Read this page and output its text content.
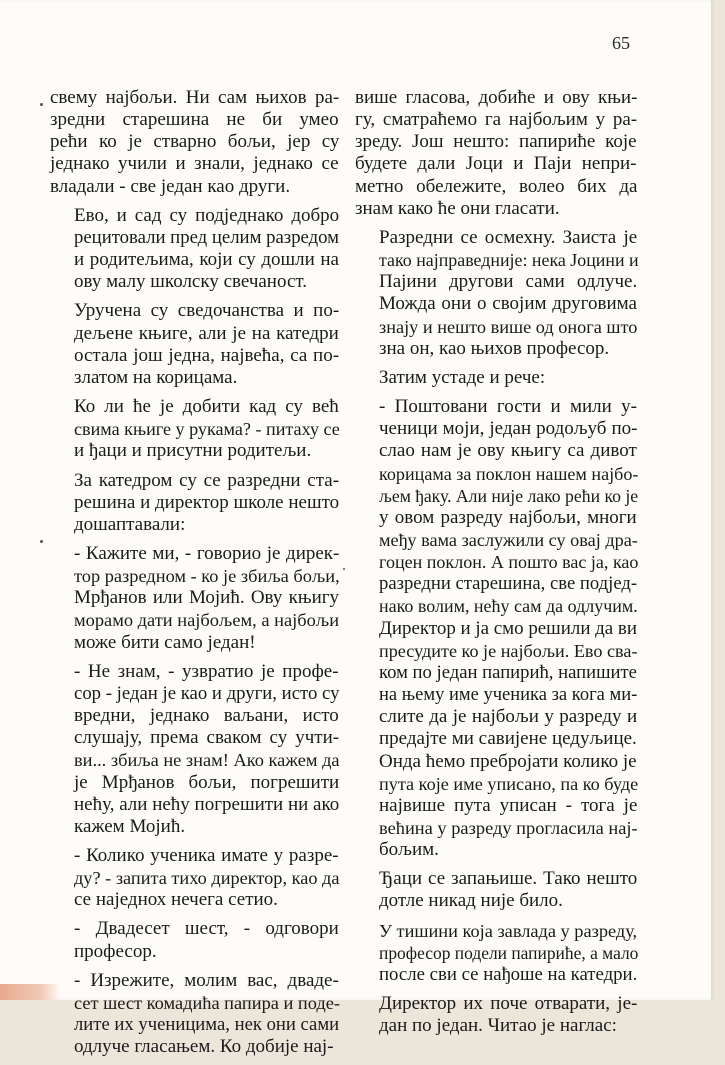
65
свему најбољи. Ни сам њихов ра-
зредни старешина не би умео
рећи ко је стварно бољи, јер су
једнако учили и знали, једнако се
владали - све један као други.
Ево, и сад су подједнако добро
рецитовали пред целим разредом
и родитељима, који су дошли на
ову малу школску свечаност.
Уручена су сведочанства и по-
дељене књиге, али је на катедри
остала још једна, највећа, са по-
златом на корицама.
Ко ли ће је добити кад су већ
свима књиге у рукама? - питаху се
и ђаци и присутни родитељи.
За катедром су се разредни ста-
решина и директор школе нешто
дошаптавали:
- Кажите ми, - говорио је дирек-
тор разредном - ко је збиља бољи,
Мрђанов или Мојић. Ову књигу
морамо дати најбољем, а најбољи
може бити само један!
- Не знам, - узвратио је профе-
сор - један је као и други, исто су
вредни, једнако ваљани, исто
слушају, према сваком су учти-
ви... збиља не знам! Ако кажем да
је Мрђанов бољи, погрешити
нећу, али нећу погрешити ни ако
кажем Мојић.
- Колико ученика имате у разре-
ду? - запита тихо директор, као да
се наједнох нечега сетио.
- Двадесет шест, - одговори
професор.
- Изрежите, молим вас, двадe-
сет шест комадића папира и поде-
лите их ученицима, нек они сами
одлуче гласањем. Ко добије нај-
више гласова, добиће и ову књи-
гу, сматраћемо га најбољим у ра-
зреду. Још нешто: папириће које
будете дали Јоци и Паји непри-
метно обележите, волео бих да
знам како ће они гласати.
Разредни се осмехну. Заиста је
тако најправедније: нека Јоцини и
Пајини другови сами одлуче.
Можда они о својим друговима
знају и нешто више од онога што
зна он, као њихов професор.
Затим устаде и рече:
- Поштовани гости и мили у-
ченици моји, један родољуб по-
слао нам је ову књигу са дивот
корицама за поклон нашем најбо-
љем ђаку. Али није лако рећи ко је
у овом разреду најбољи, многи
међу вама заслужили су овај дра-
гоцен поклон. А пошто вас ја, као
разредни старешина, све подјед-
нако волим, нећу сам да одлучим.
Директор и ја смо решили да ви
пресудите ко је најбољи. Ево сва-
ком по један папирић, напишите
на њему име ученика за кога ми-
слите да је најбољи у разреду и
предајте ми савијене цедуљице.
Онда ћемо пребројати колико је
пута које име уписано, па ко буде
највише пута уписан - тога је
већина у разреду прогласила нај-
бољим.
Ђаци се запањише. Тако нешто
дотле никад није било.
У тишини која завлада у разреду,
професор подели папириће, а мало
после сви се нађоше на катедри.
Директор их поче отварати, је-
дан по један. Читао је наглас:
